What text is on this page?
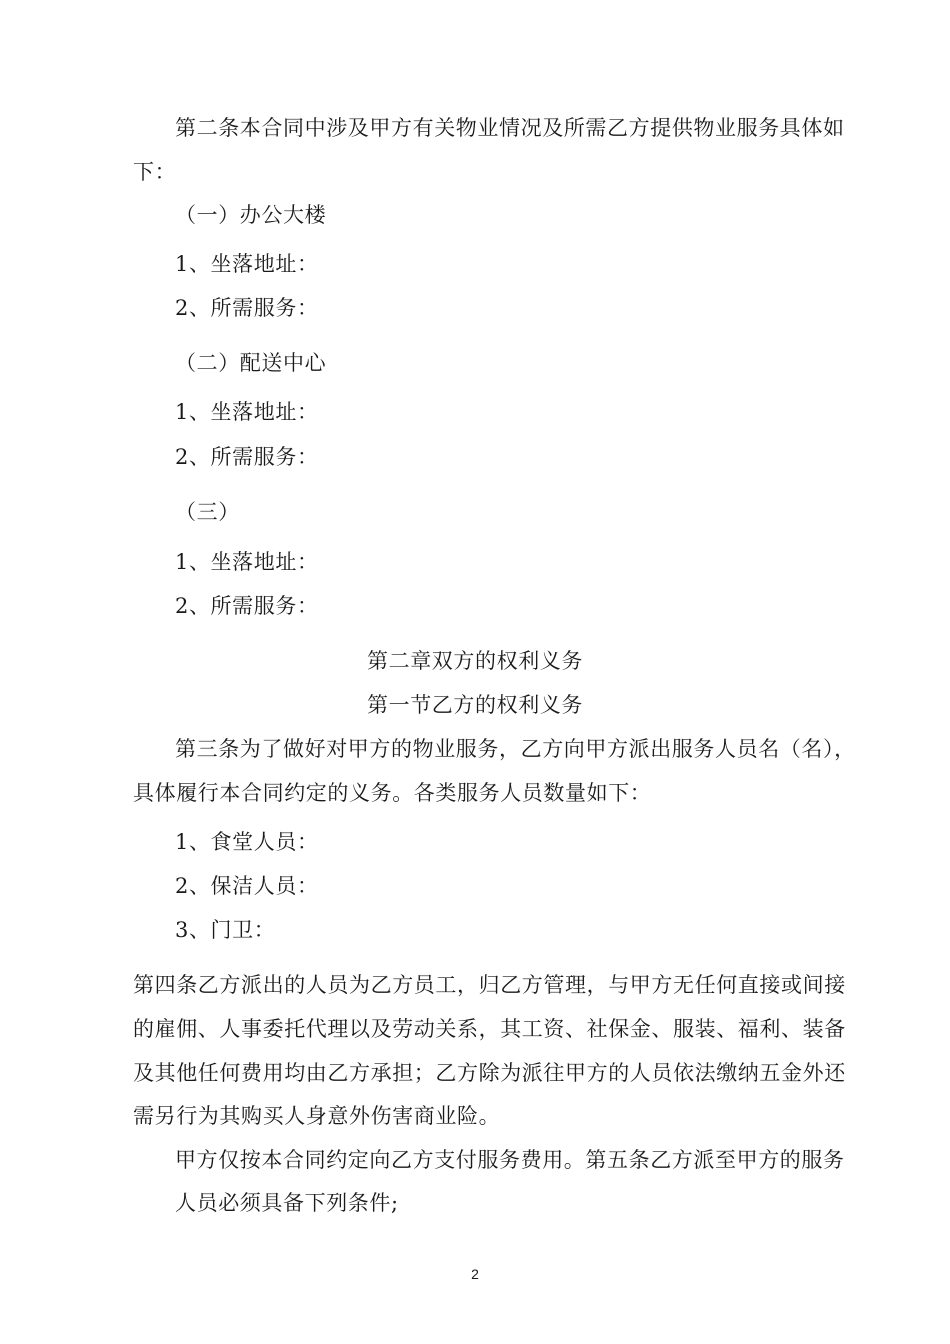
第二条本合同中涉及甲方有关物业情况及所需乙方提供物业服务具体如

下：

（一）办公大楼

1、坐落地址：

2、所需服务：

（二）配送中心

1、坐落地址：

2、所需服务：

（三）

1、坐落地址：

2、所需服务：

第二章双方的权利义务

第一节乙方的权利义务

第三条为了做好对甲方的物业服务，乙方向甲方派出服务人员名（名），

具体履行本合同约定的义务。各类服务人员数量如下：

1、食堂人员：

2、保洁人员：

3、门卫：

第四条乙方派出的人员为乙方员工，归乙方管理，与甲方无任何直接或间接

的雇佣、人事委托代理以及劳动关系，其工资、社保金、服装、福利、装备

及其他任何费用均由乙方承担；乙方除为派往甲方的人员依法缴纳五金外还

需另行为其购买人身意外伤害商业险。

甲方仅按本合同约定向乙方支付服务费用。第五条乙方派至甲方的服务

人员必须具备下列条件;

2
